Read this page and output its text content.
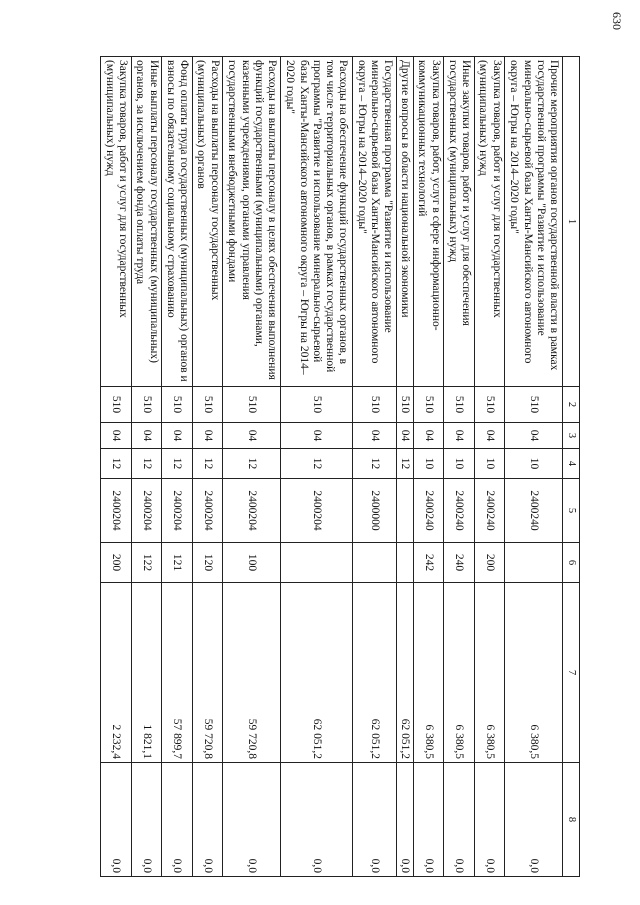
630
1	2	3	4	5	6	7	8
Прочие мероприятия органов государственной власти в рамках государственной программы "Развитие и использование минерально-сырьевой базы Ханты-Мансийского автономного округа – Югры на 2014–2020 годы"	510	04	10	2400240		6 380,5	0,0
Закупка товаров, работ и услуг для государственных (муниципальных) нужд	510	04	10	2400240	200	6 380,5	0,0
Иные закупки товаров, работ и услуг для обеспечения государственных (муниципальных) нужд	510	04	10	2400240	240	6 380,5	0,0
Закупка товаров, работ, услуг в сфере информационно-коммуникационных технологий	510	04	10	2400240	242	6 380,5	0,0
Другие вопросы в области национальной экономики	510	04	12			62 051,2	0,0
Государственная программа "Развитие и использование минерально-сырьевой базы Ханты-Мансийского автономного округа – Югры на 2014–2020 годы"	510	04	12	2400000		62 051,2	0,0
Расходы на обеспечение функций государственных органов, в том числе территориальных органов, в рамках государственной программы "Развитие и использование минерально-сырьевой базы Ханты-Мансийского автономного округа – Югры на 2014–2020 годы"	510	04	12	2400204		62 051,2	0,0
Расходы на выплаты персоналу в целях обеспечения выполнения функций государственными (муниципальными) органами, казенными учреждениями, органами управления государственными внебюджетными фондами	510	04	12	2400204	100	59 720,8	0,0
Расходы на выплаты персоналу государственных (муниципальных) органов	510	04	12	2400204	120	59 720,8	0,0
Фонд оплаты труда государственных (муниципальных) органов и взносы по обязательному социальному страхованию	510	04	12	2400204	121	57 899,7	0,0
Иные выплаты персоналу государственных (муниципальных) органов, за исключением фонда оплаты труда	510	04	12	2400204	122	1 821,1	0,0
Закупка товаров, работ и услуг для государственных (муниципальных) нужд	510	04	12	2400204	200	2 232,4	0,0
